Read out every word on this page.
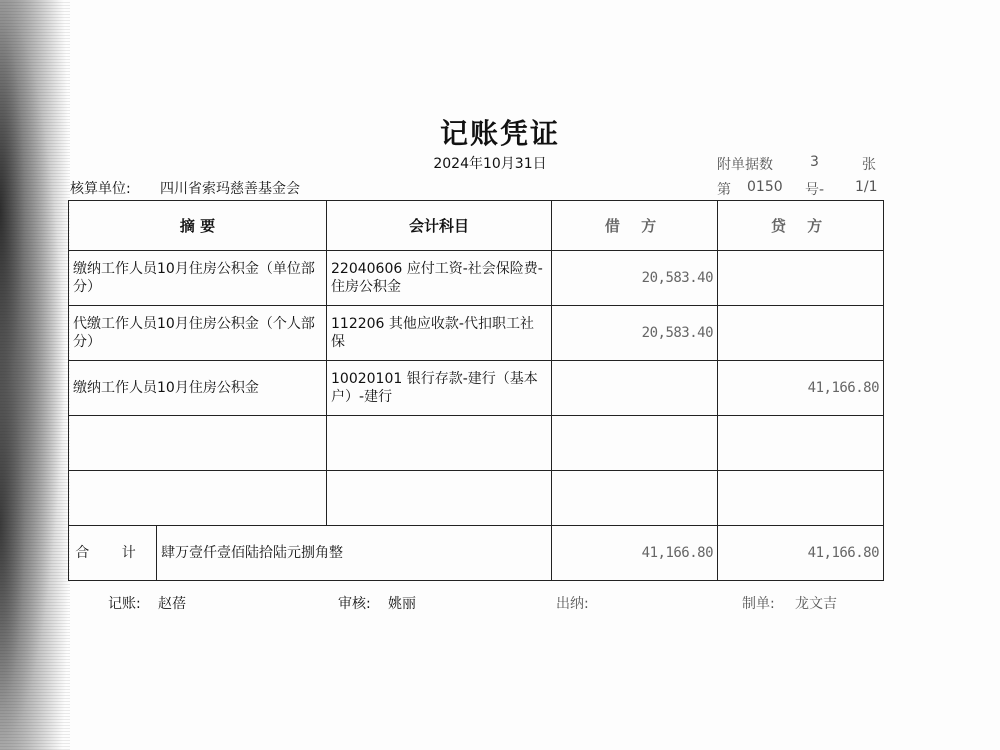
记账凭证
2024年10月31日	附单据数	3	张
核算单位: 四川省索玛慈善基金会	第 0150 号- 1/1
摘 要		会计科目	借 方	贷 方
缴纳工作人员10月住房公积金（单位部分）		22040606 应付工资-社会保险费-住房公积金	20,583.40	
代缴工作人员10月住房公积金（个人部分）		112206 其他应收款-代扣职工社保	20,583.40	
缴纳工作人员10月住房公积金		10020101 银行存款-建行（基本户）-建行		41,166.80

合 计	肆万壹仟壹佰陆拾陆元捌角整		41,166.80	41,166.80
记账: 赵蓓	审核: 姚丽	出纳:	制单: 龙文吉
